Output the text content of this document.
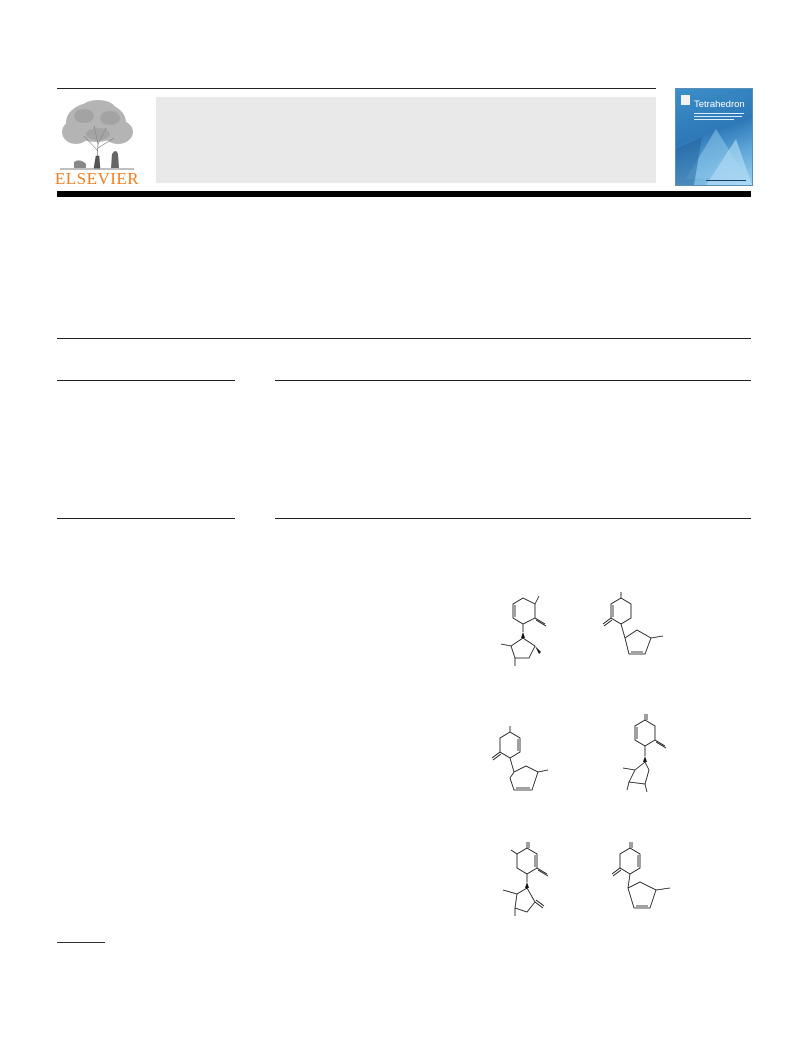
ELSEVIER
Tetrahedron
